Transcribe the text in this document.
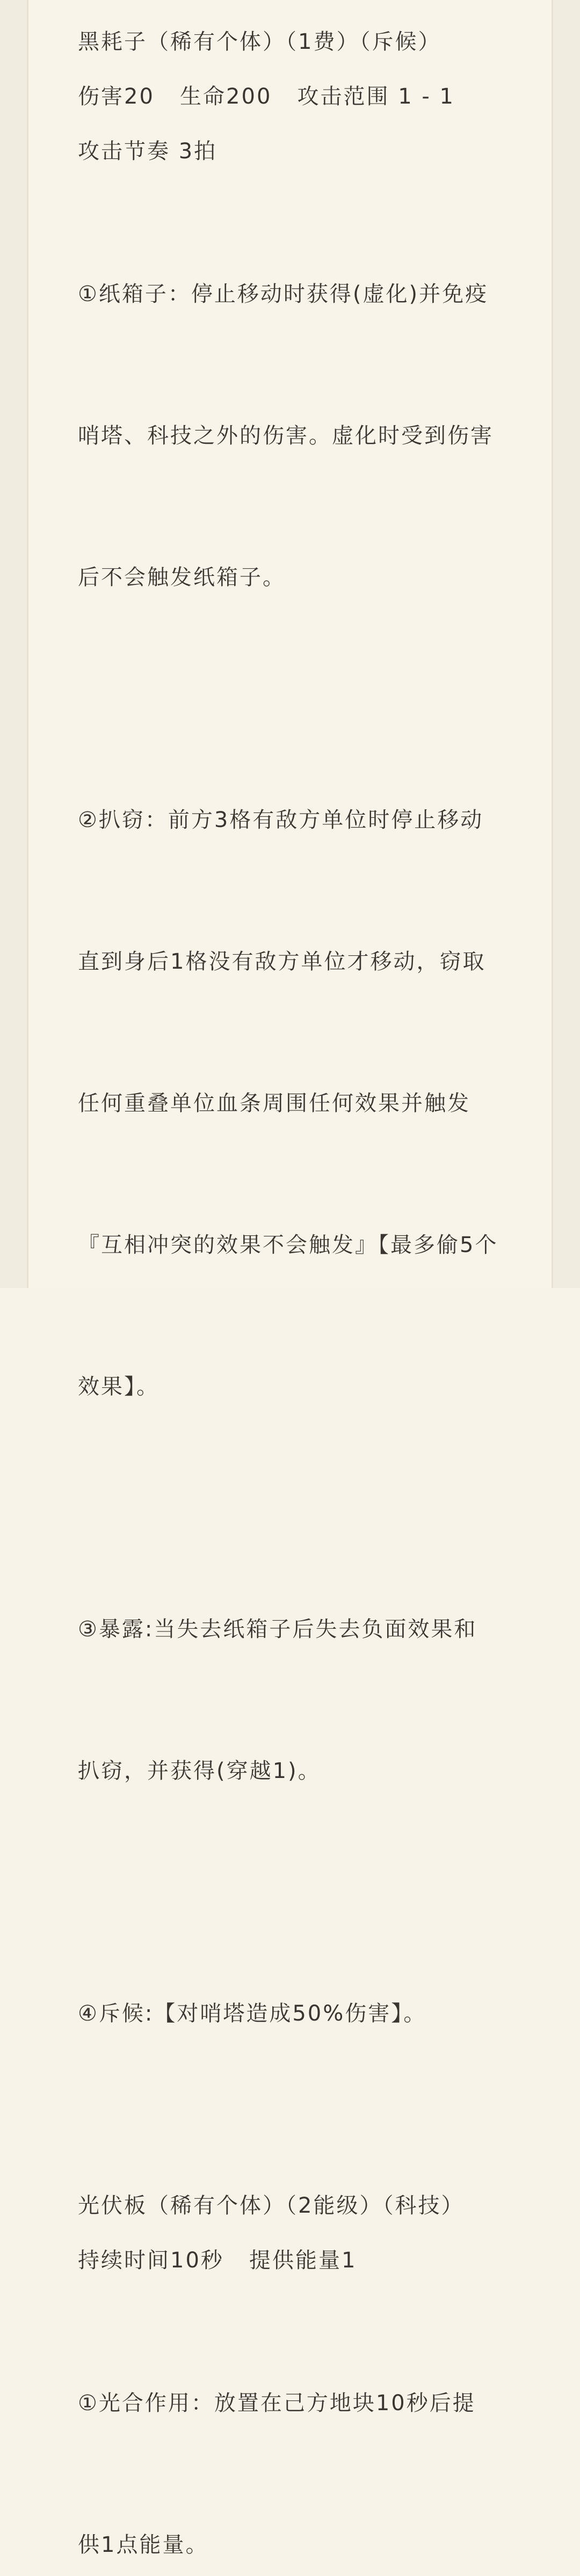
黑耗子（稀有个体）（1费）（斥候）
伤害20   生命200   攻击范围 1 - 1
攻击节奏 3拍

①纸箱子：停止移动时获得(虚化)并免疫

哨塔、科技之外的伤害。虚化时受到伤害

后不会触发纸箱子。

②扒窃：前方3格有敌方单位时停止移动

直到身后1格没有敌方单位才移动，窃取

任何重叠单位血条周围任何效果并触发

『互相冲突的效果不会触发』【最多偷5个

效果】。

③暴露:当失去纸箱子后失去负面效果和

扒窃，并获得(穿越1)。

④斥候:【对哨塔造成50%伤害】。

光伏板（稀有个体）（2能级）（科技）
持续时间10秒   提供能量1

①光合作用：放置在己方地块10秒后提

供1点能量。
